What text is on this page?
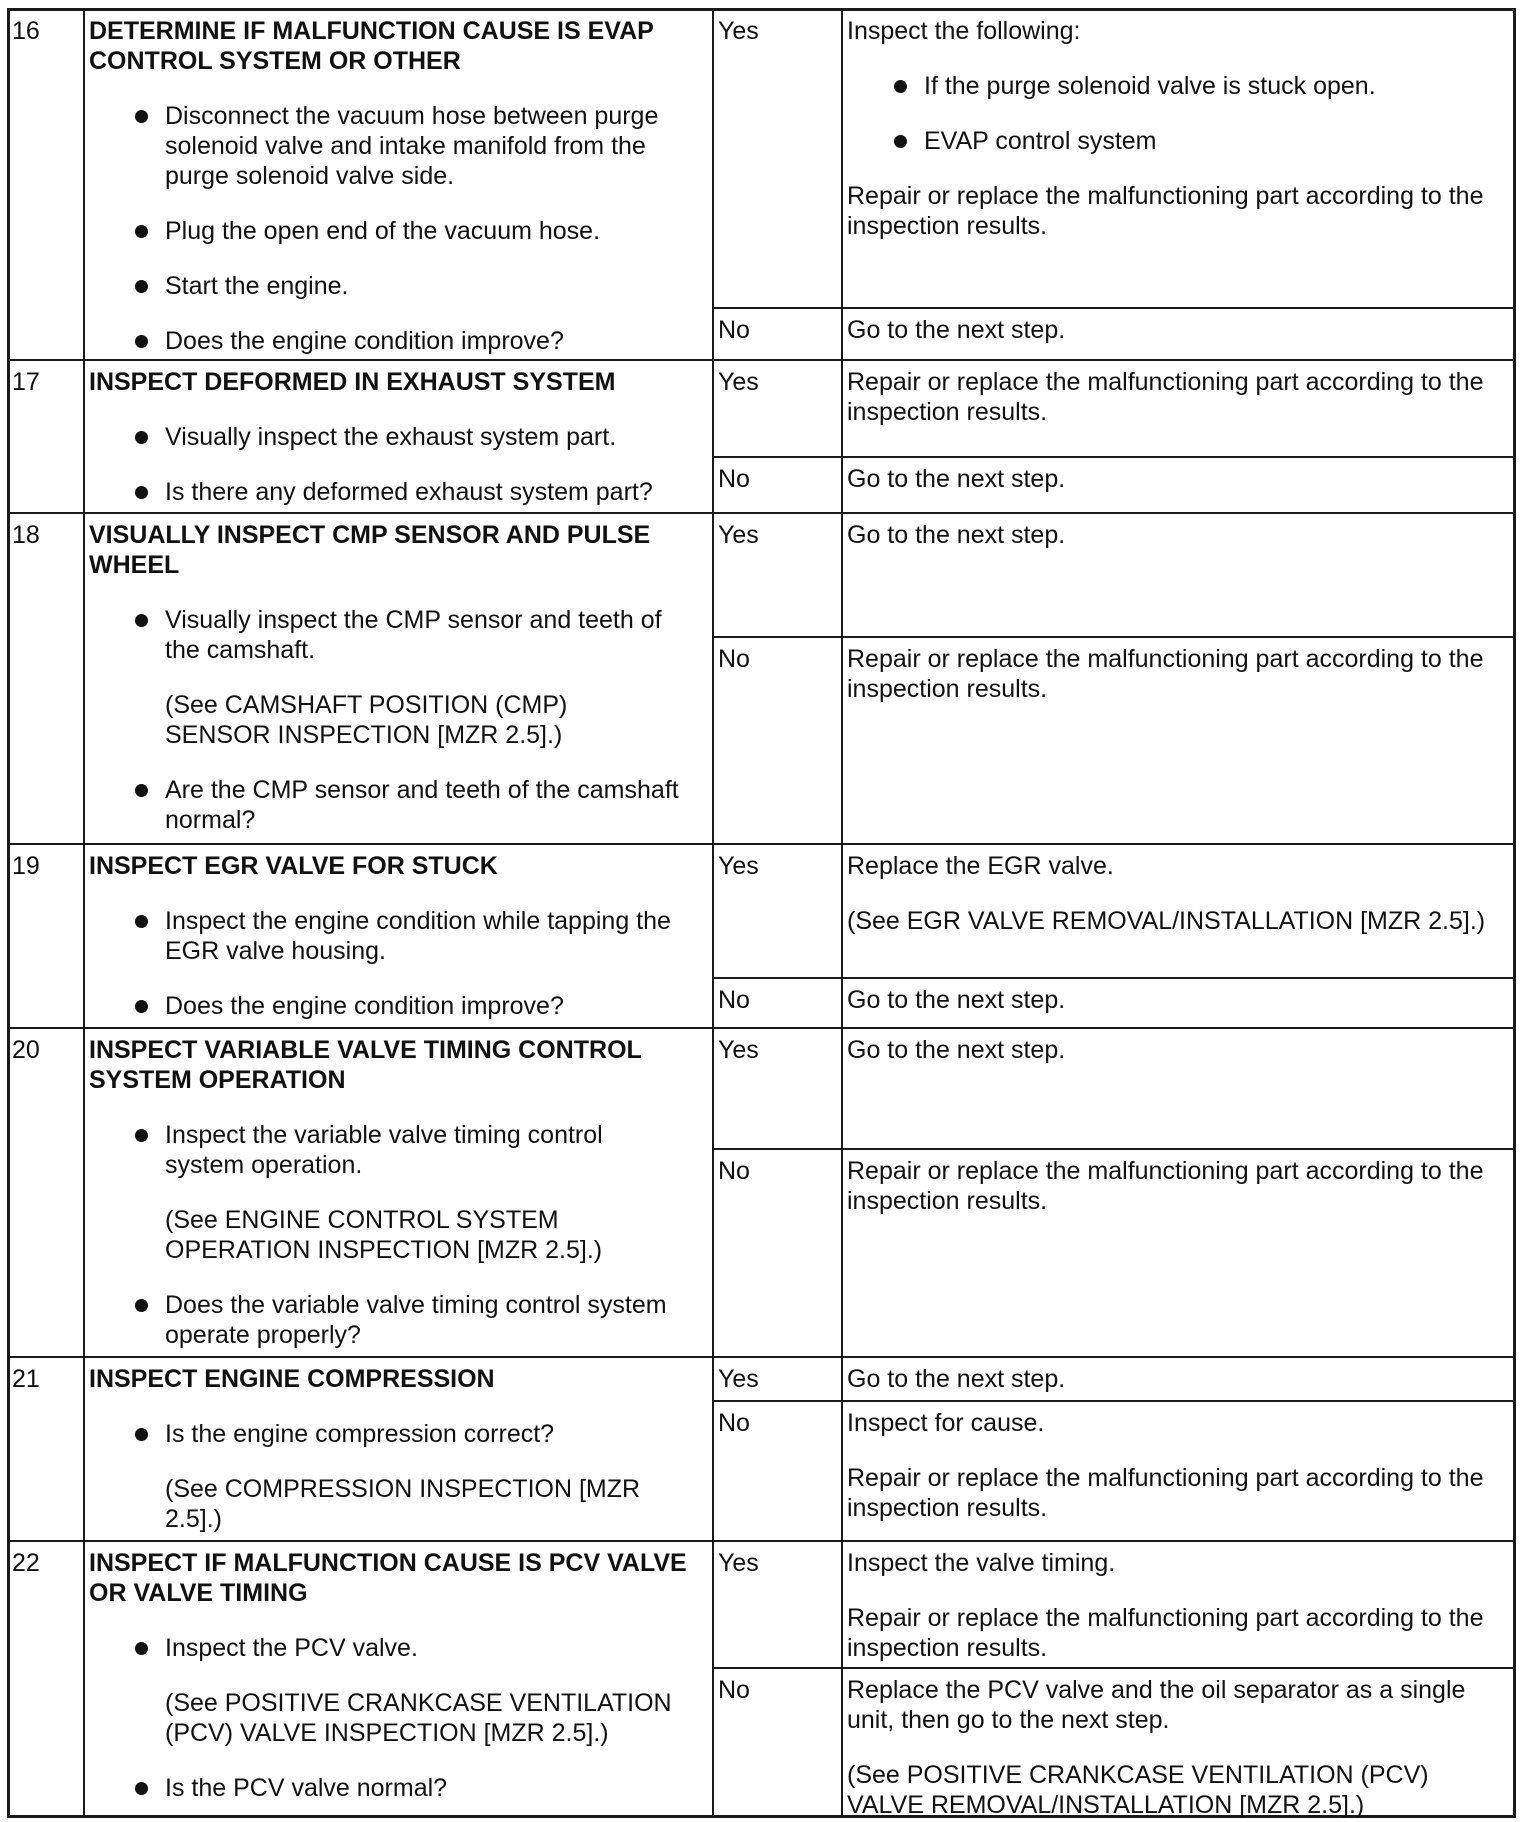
16 DETERMINE IF MALFUNCTION CAUSE IS EVAP
CONTROL SYSTEM OR OTHER
Disconnect the vacuum hose between purge
solenoid valve and intake manifold from the
purge solenoid valve side.
Plug the open end of the vacuum hose.
Start the engine.
Does the engine condition improve?
Yes	Inspect the following:
If the purge solenoid valve is stuck open.
EVAP control system
Repair or replace the malfunctioning part according to the
inspection results.
No	Go to the next step.
17 INSPECT DEFORMED IN EXHAUST SYSTEM
Visually inspect the exhaust system part.
Is there any deformed exhaust system part?
Yes	Repair or replace the malfunctioning part according to the
inspection results.
No	Go to the next step.
18 VISUALLY INSPECT CMP SENSOR AND PULSE
WHEEL
Visually inspect the CMP sensor and teeth of
the camshaft.
(See CAMSHAFT POSITION (CMP)
SENSOR INSPECTION [MZR 2.5].)
Are the CMP sensor and teeth of the camshaft
normal?
Yes	Go to the next step.
No	Repair or replace the malfunctioning part according to the
inspection results.
19 INSPECT EGR VALVE FOR STUCK
Inspect the engine condition while tapping the
EGR valve housing.
Does the engine condition improve?
Yes	Replace the EGR valve.
(See EGR VALVE REMOVAL/INSTALLATION [MZR 2.5].)
No	Go to the next step.
20 INSPECT VARIABLE VALVE TIMING CONTROL
SYSTEM OPERATION
Inspect the variable valve timing control
system operation.
(See ENGINE CONTROL SYSTEM
OPERATION INSPECTION [MZR 2.5].)
Does the variable valve timing control system
operate properly?
Yes	Go to the next step.
No	Repair or replace the malfunctioning part according to the
inspection results.
21 INSPECT ENGINE COMPRESSION
Is the engine compression correct?
(See COMPRESSION INSPECTION [MZR
2.5].)
Yes	Go to the next step.
No	Inspect for cause.
Repair or replace the malfunctioning part according to the
inspection results.
22 INSPECT IF MALFUNCTION CAUSE IS PCV VALVE
OR VALVE TIMING
Inspect the PCV valve.
(See POSITIVE CRANKCASE VENTILATION
(PCV) VALVE INSPECTION [MZR 2.5].)
Is the PCV valve normal?
Yes	Inspect the valve timing.
Repair or replace the malfunctioning part according to the
inspection results.
No	Replace the PCV valve and the oil separator as a single
unit, then go to the next step.
(See POSITIVE CRANKCASE VENTILATION (PCV)
VALVE REMOVAL/INSTALLATION [MZR 2.5].)
